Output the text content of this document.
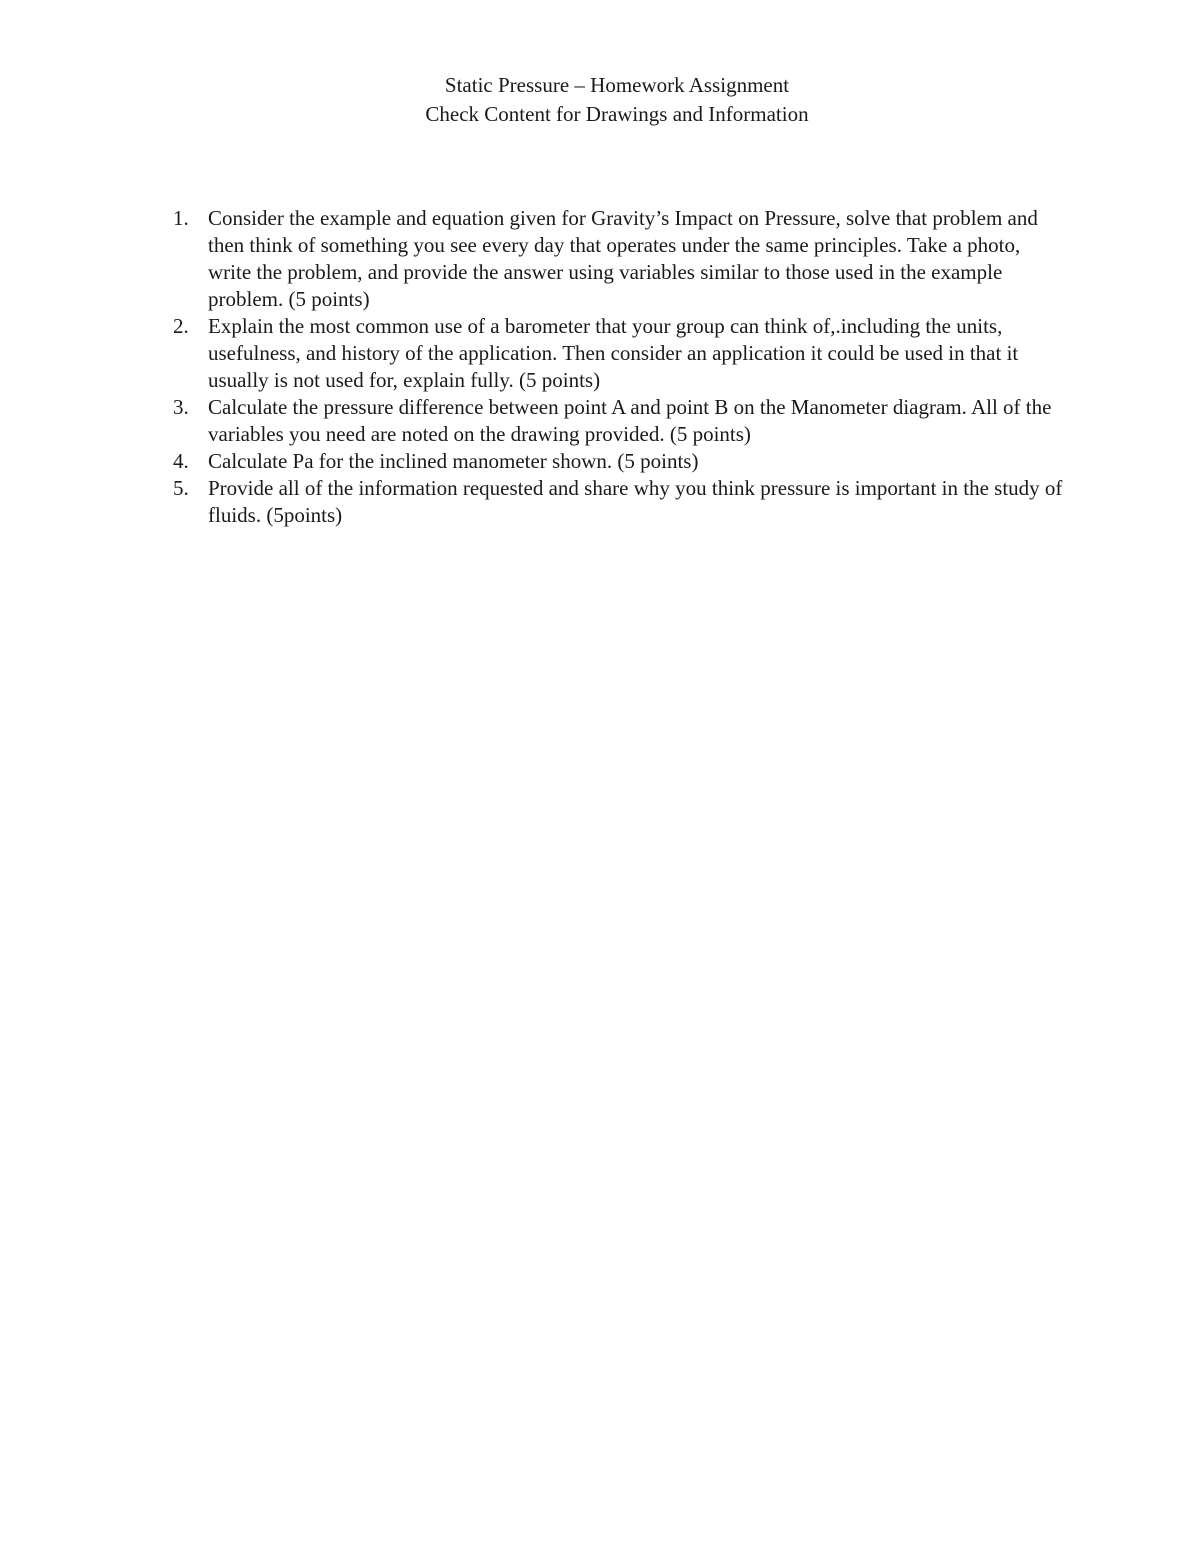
Static Pressure – Homework Assignment
Check Content for Drawings and Information
1. Consider the example and equation given for Gravity’s Impact on Pressure, solve that problem and then think of something you see every day that operates under the same principles. Take a photo, write the problem, and provide the answer using variables similar to those used in the example problem. (5 points)
2. Explain the most common use of a barometer that your group can think of,.including the units, usefulness, and history of the application. Then consider an application it could be used in that it usually is not used for, explain fully. (5 points)
3. Calculate the pressure difference between point A and point B on the Manometer diagram. All of the variables you need are noted on the drawing provided. (5 points)
4. Calculate Pa for the inclined manometer shown. (5 points)
5. Provide all of the information requested and share why you think pressure is important in the study of fluids. (5points)
